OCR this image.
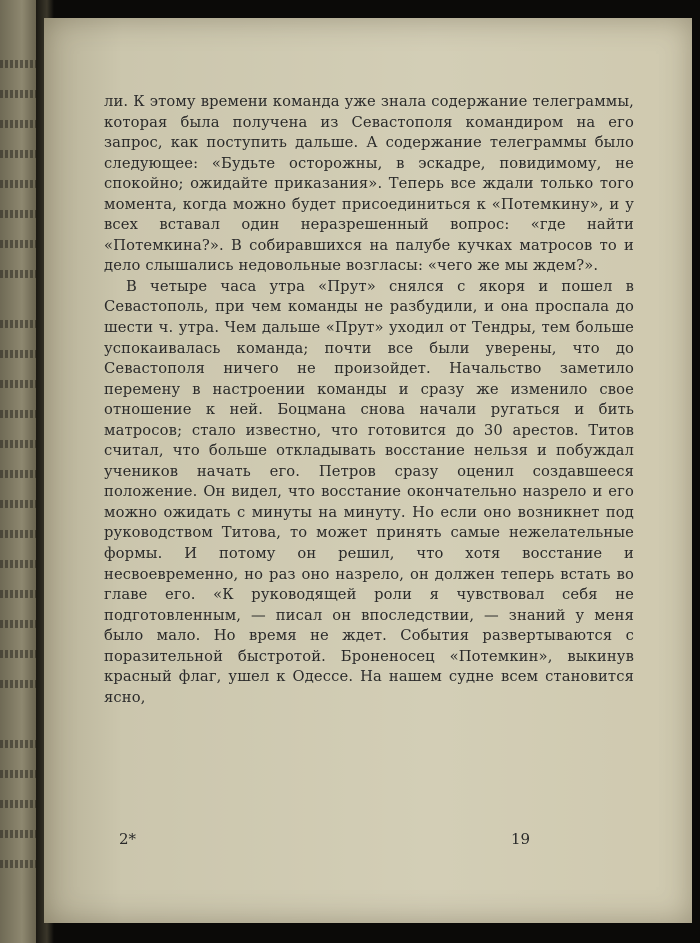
ли. К этому времени команда уже знала содержание телеграммы, которая была получена из Севастополя командиром на его запрос, как поступить дальше. А содержание телеграммы было следующее: «Будьте осторожны, в эскадре, повидимому, не спокойно; ожидайте приказания». Теперь все ждали только того момента, когда можно будет присоединиться к «Потемкину», и у всех вставал один неразрешенный вопрос: «где найти «Потемкина?». В собиравшихся на палубе кучках матросов то и дело слышались недовольные возгласы: «чего же мы ждем?».

В четыре часа утра «Прут» снялся с якоря и пошел в Севастополь, при чем команды не разбудили, и она проспала до шести ч. утра. Чем дальше «Прут» уходил от Тендры, тем больше успокаивалась команда; почти все были уверены, что до Севастополя ничего не произойдет. Начальство заметило перемену в настроении команды и сразу же изменило свое отношение к ней. Боцмана снова начали ругаться и бить матросов; стало известно, что готовится до 30 арестов. Титов считал, что больше откладывать восстание нельзя и побуждал учеников начать его. Петров сразу оценил создавшееся положение. Он видел, что восстание окончательно назрело и его можно ожидать с минуты на минуту. Но если оно возникнет под руководством Титова, то может принять самые нежелательные формы. И потому он решил, что хотя восстание и несвоевременно, но раз оно назрело, он должен теперь встать во главе его. «К руководящей роли я чувствовал себя не подготовленным, — писал он впоследствии, — знаний у меня было мало. Но время не ждет. События развертываются с поразительной быстротой. Броненосец «Потемкин», выкинув красный флаг, ушел к Одессе. На нашем судне всем становится ясно,

2*	19
